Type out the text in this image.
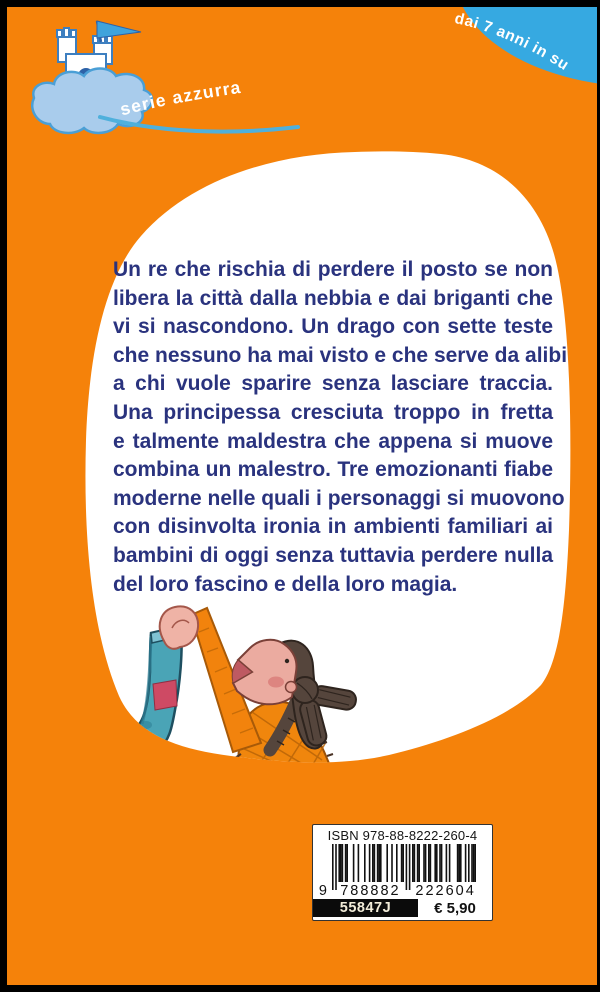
dai 7 anni in su
serie azzurra
Un re che rischia di perdere il posto se non
libera la città dalla nebbia e dai briganti che
vi si nascondono. Un drago con sette teste
che nessuno ha mai visto e che serve da alibi
a chi vuole sparire senza lasciare traccia.
Una principessa cresciuta troppo in fretta
e talmente maldestra che appena si muove
combina un malestro. Tre emozionanti fiabe
moderne nelle quali i personaggi si muovono
con disinvolta ironia in ambienti familiari ai
bambini di oggi senza tuttavia perdere nulla
del loro fascino e della loro magia.
ISBN 978-88-8222-260-4
9 788882 222604
55847J	€ 5,90
